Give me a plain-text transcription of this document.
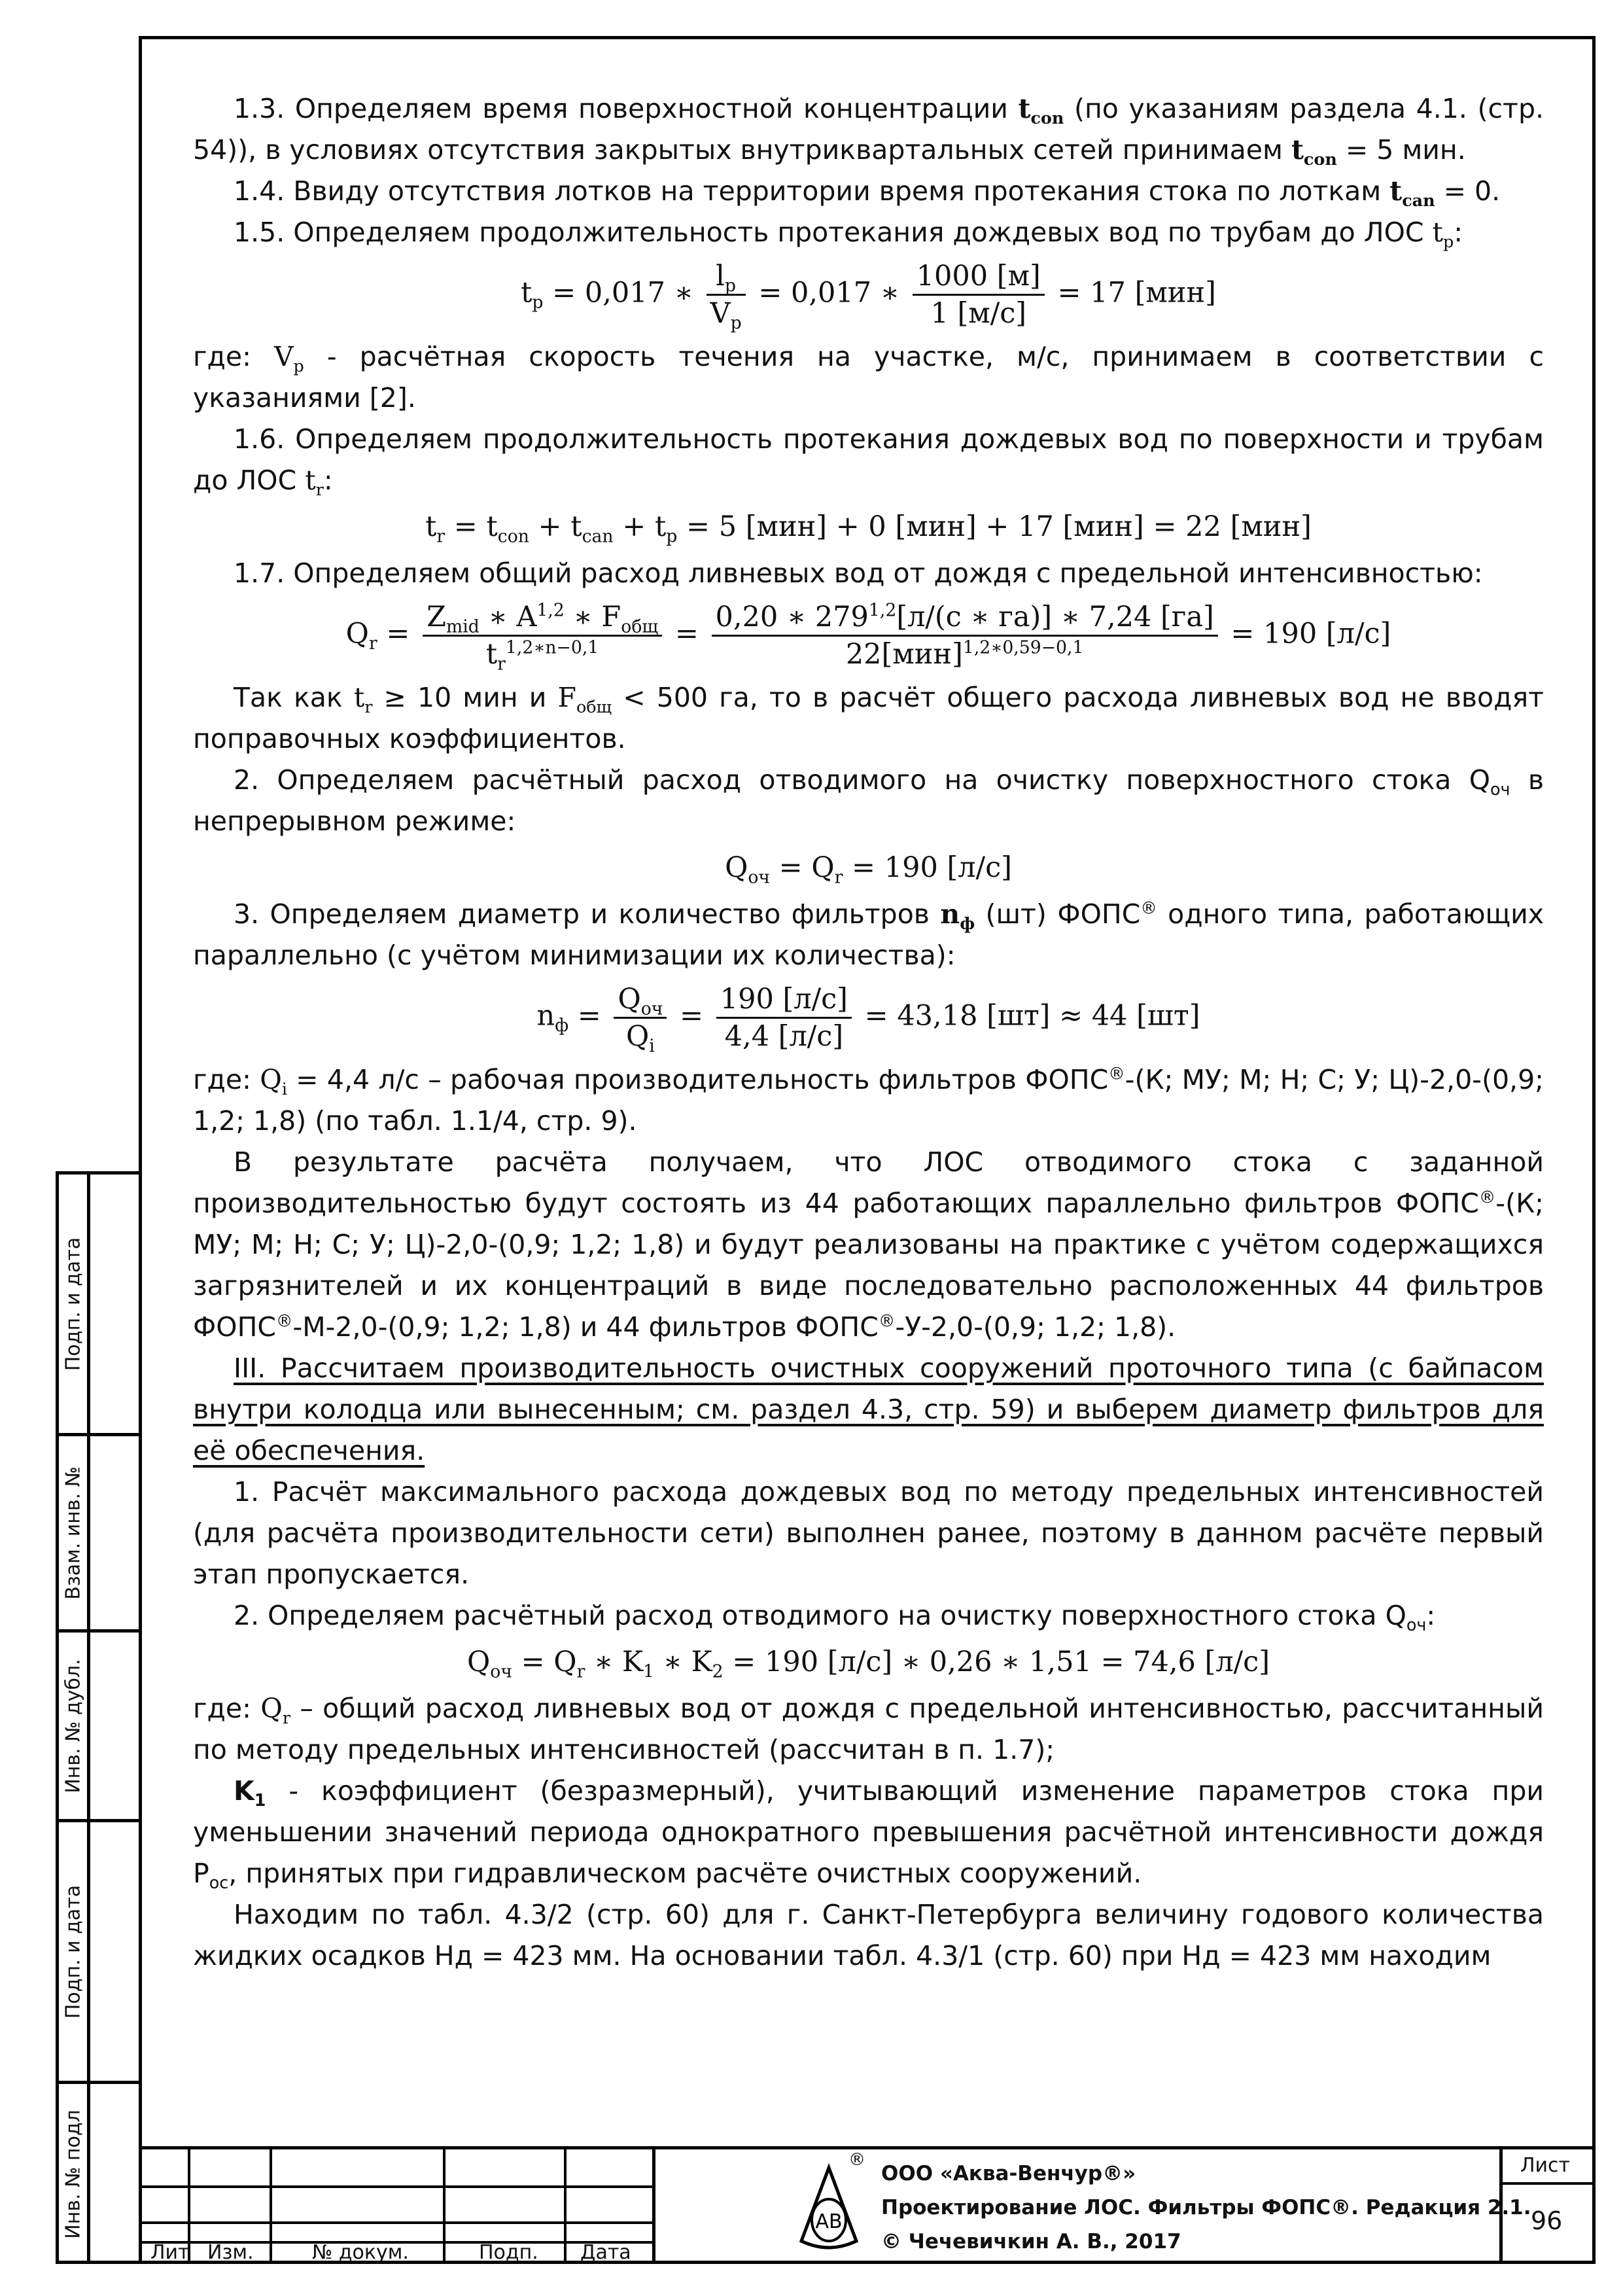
1.3. Определяем время поверхностной концентрации $t_{con}$ (по указаниям раздела 4.1. (стр. 54)), в условиях отсутствия закрытых внутриквартальных сетей принимаем $t_{con} = 5$ мин.

1.4. Ввиду отсутствия лотков на территории время протекания стока по лоткам $t_{can} = 0$.

1.5. Определяем продолжительность протекания дождевых вод по трубам до ЛОС $t_p$:

$t_p = 0,017$ ∗ $\frac{l_p}{V_p} = 0,017$ ∗ $\frac{1000 [м]}{1 [м/с]} = 17$ [мин]

где: $V_p$ - расчётная скорость течения на участке, м/с, принимаем в соответствии с указаниями [2].

1.6. Определяем продолжительность протекания дождевых вод по поверхности и трубам до ЛОС $t_r$:

$t_r = t_{con} + t_{can} + t_p = 5$ [мин] + 0 [мин] + 17 [мин] = 22 [мин]

1.7. Определяем общий расход ливневых вод от дождя с предельной интенсивностью:

$Q_r = \frac{Z_{mid} ∗ A^{1,2} ∗ F_{общ}}{t_r^{1,2∗n-0,1}} = \frac{0,20 ∗ 279^{1,2}[л/(с ∗ га)] ∗ 7,24 [га]}{22[мин]^{1,2∗0,59-0,1}} = 190$ [л/с]

Так как $t_r \ge 10$ мин и $F_{общ} < 500$ га, то в расчёт общего расхода ливневых вод не вводят поправочных коэффициентов.

2. Определяем расчётный расход отводимого на очистку поверхностного стока $Q_{оч}$ в непрерывном режиме:

$Q_{оч} = Q_r = 190$ [л/с]

3. Определяем диаметр и количество фильтров $n_ф$ (шт) ФОПС® одного типа, работающих параллельно (с учётом минимизации их количества):

$n_ф = \frac{Q_{оч}}{Q_i} = \frac{190 [л/с]}{4,4 [л/с]} = 43,18$ [шт] ≈ 44 [шт]

где: $Q_i = 4,4$ л/с – рабочая производительность фильтров ФОПС®-(К; МУ; М; Н; С; У; Ц)-2,0-(0,9; 1,2; 1,8) (по табл. 1.1/4, стр. 9).

В результате расчёта получаем, что ЛОС отводимого стока с заданной производительностью будут состоять из 44 работающих параллельно фильтров ФОПС®-(К; МУ; М; Н; С; У; Ц)-2,0-(0,9; 1,2; 1,8) и будут реализованы на практике с учётом содержащихся загрязнителей и их концентраций в виде последовательно расположенных 44 фильтров ФОПС®-М-2,0-(0,9; 1,2; 1,8) и 44 фильтров ФОПС®-У-2,0-(0,9; 1,2; 1,8).

III. Рассчитаем производительность очистных сооружений проточного типа (с байпасом внутри колодца или вынесенным; см. раздел 4.3, стр. 59) и выберем диаметр фильтров для её обеспечения.

1. Расчёт максимального расхода дождевых вод по методу предельных интенсивностей (для расчёта производительности сети) выполнен ранее, поэтому в данном расчёте первый этап пропускается.

2. Определяем расчётный расход отводимого на очистку поверхностного стока $Q_{оч}$:

$Q_{оч} = Q_r$ ∗ $K_1$ ∗ $K_2 = 190$ [л/с] ∗ 0,26 ∗ 1,51 = 74,6 [л/с]

где: $Q_r$ – общий расход ливневых вод от дождя с предельной интенсивностью, рассчитанный по методу предельных интенсивностей (рассчитан в п. 1.7);

$K_1$ - коэффициент (безразмерный), учитывающий изменение параметров стока при уменьшении значений периода однократного превышения расчётной интенсивности дождя $P_{ос}$, принятых при гидравлическом расчёте очистных сооружений.

Находим по табл. 4.3/2 (стр. 60) для г. Санкт-Петербурга величину годового количества жидких осадков Hд = 423 мм. На основании табл. 4.3/1 (стр. 60) при Hд = 423 мм находим

Подп. и дата
Взам. инв. №
Инв. № дубл.
Подп. и дата
Инв. № подл
Лит Изм.	№ докум.	Подп. Дата
АВ
®
ООО «Аква-Венчур®»
Проектирование ЛОС. Фильтры ФОПС®. Редакция 2.1.
© Чечевичкин А. В., 2017
Лист
96
